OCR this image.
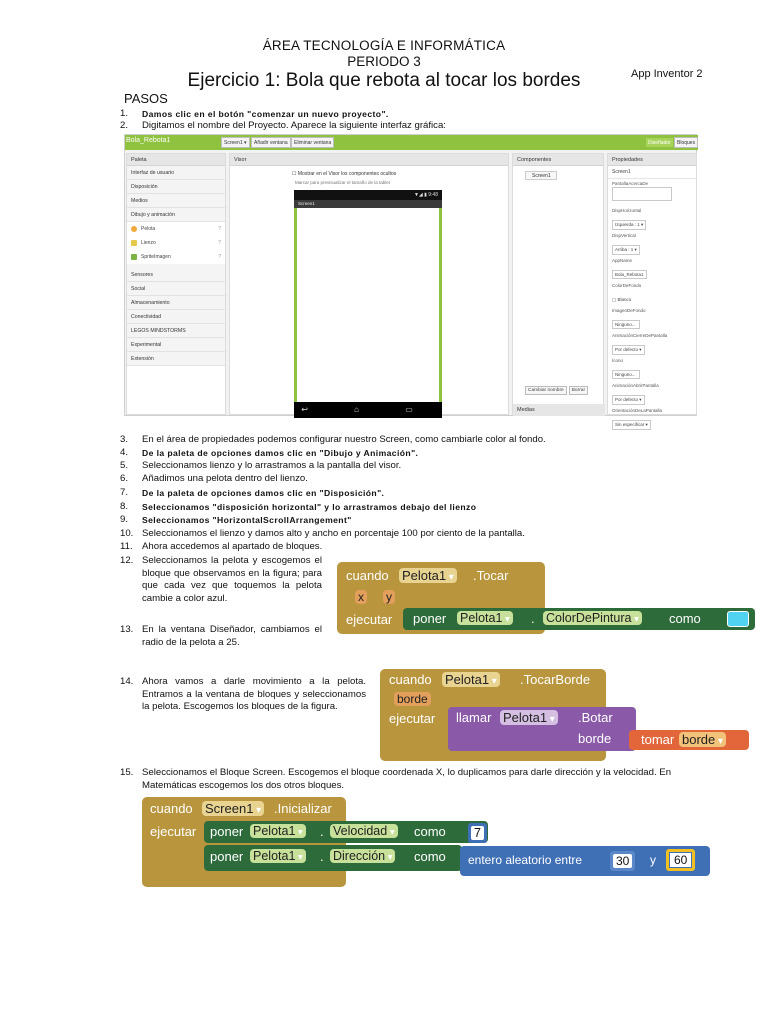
ÁREA TECNOLOGÍA E INFORMÁTICA
PERIODO 3
Ejercicio 1: Bola que rebota al tocar los bordes	App Inventor 2
PASOS
1. Damos clic en el botón "comenzar un nuevo proyecto".
2. Digitamos el nombre del Proyecto. Aparece la siguiente interfaz gráfica:
Bola_Rebota1	Screen1 ▾	Añadir ventana	Eliminar ventana	Diseñador	Bloques
Paleta
Interfaz de usuario
Disposición
Medios
Dibujo y animación
Pelota	?
Lienzo	?
SpriteImagen	?
Sensores
Social
Almacenamiento
Conectividad
LEGOS MINDSTORMS
Experimental
Extensión
Visor
☐ Mostrar en el Visor los componentes ocultos
Marcar para previsualizar el tamaño de la tablet
▼◢ ▮ 9:48
Screen1
↩ ⌂ ▭
Componentes
Screen1
Cambiar nombre Borrar
Medias
Propiedades
Screen1
PantallaAcercaDe
DispHorizontal
Izquierda : 1 ▾
DispVertical
Arriba : 1 ▾
AppName
Bola_Rebota1
ColorDeFondo
▢ Blanco
ImagenDeFondo
Ninguno...
AnimaciónCierreDePantalla
Por defecto ▾
Ícono
Ninguno...
AnimaciónAbrirPantalla
Por defecto ▾
OrientaciónDeLaPantalla
Sin especificar ▾
3. En el área de propiedades podemos configurar nuestro Screen, como cambiarle color al fondo.
4. De la paleta de opciones damos clic en "Dibujo y Animación".
5. Seleccionamos lienzo y lo arrastramos a la pantalla del visor.
6. Añadimos una pelota dentro del lienzo.
7. De la paleta de opciones damos clic en "Disposición".
8. Seleccionamos "disposición horizontal" y lo arrastramos debajo del lienzo
9. Seleccionamos "HorizontalScrollArrangement"
10. Seleccionamos el lienzo y damos alto y ancho en porcentaje 100 por ciento de la pantalla.
11. Ahora accedemos al apartado de bloques.
12. Seleccionamos la pelota y escogemos el bloque que observamos en la figura; para que cada vez que toquemos la pelota cambie a color azul.
cuando Pelota1 ▾	.Tocar
x y
ejecutar poner Pelota1 ▾	. ColorDePintura ▾	como
13. En la ventana Diseñador, cambiamos el radio de la pelota a 25.
14. Ahora vamos a darle movimiento a la pelota. Entramos a la ventana de bloques y seleccionamos la pelota. Escogemos los bloques de la figura.
cuando Pelota1 ▾	.TocarBorde
borde
ejecutar llamar Pelota1 ▾	.Botar
borde tomar borde ▾
15. Seleccionamos el Bloque Screen. Escogemos el bloque coordenada X, lo duplicamos para darle dirección y la velocidad. En Matemáticas escogemos los dos otros bloques.
cuando Screen1 ▾	.Inicializar
ejecutar poner Pelota1 ▾	. Velocidad ▾	como	7
poner Pelota1 ▾	. Dirección ▾	como entero aleatorio entre	30	y	60
